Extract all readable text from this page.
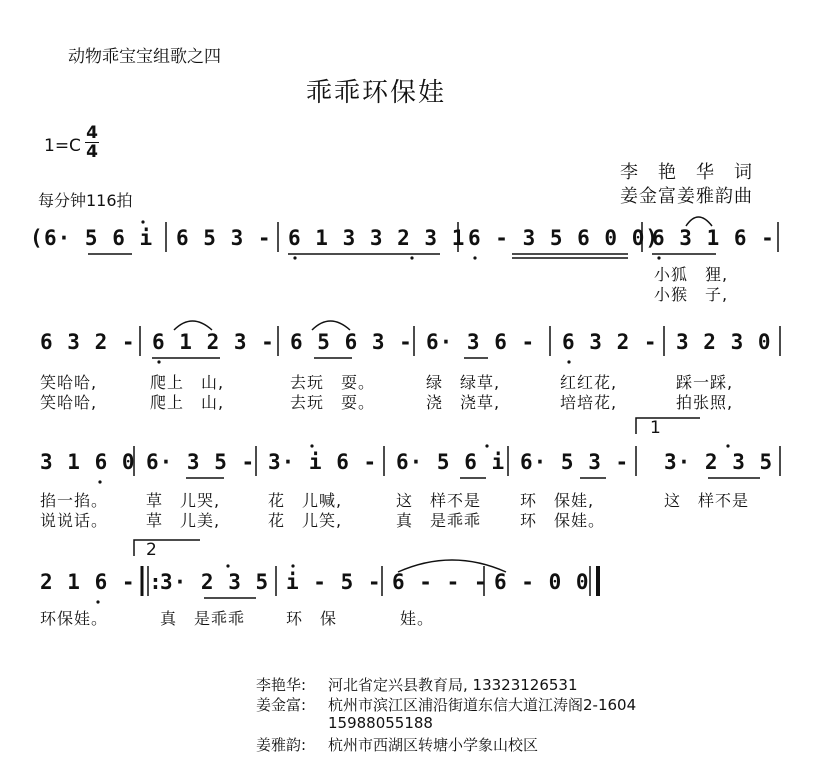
动物乖宝宝组歌之四
乖乖环保娃
1=C
4
4
每分钟116拍
李　艳　华　词
姜金富姜雅韵曲
( 6· 5 6 i 6 5 3 - 6 1 3 3 2 3 1 6 - 3 5 6 0 0)
6 3 1 6 -
小狐　狸,
小猴　子,
6 3 2 - 6 1 2 3 - 6 5 6 3 - 6· 3 6 - 6 3 2 - 3 2 3 0
笑哈哈,	爬上　山,	去玩　耍。	绿　绿草,	红红花,	踩一踩,
笑哈哈,	爬上　山,	去玩　耍。	浇　浇草,	培培花,	拍张照,
3 1 6 0 6· 3 5 - 3· i 6 - 6· 5 6 i 6· 5 3 - 3· 2 3 5
1
掐一掐。 草　儿哭,	花　儿喊,	这　样不是 环　保娃,	这　样不是
说说话。 草　儿美,	花　儿笑,	真　是乖乖 环　保娃。
2 1 6 - :
3· 2 3 5 i - 5 - 6 - - - 6 - 0 0
2
环保娃。	真　是乖乖	环　保	娃。
李艳华: 河北省定兴县教育局, 13323126531
姜金富: 杭州市滨江区浦沿街道东信大道江涛阁2-1604
15988055188
姜雅韵: 杭州市西湖区转塘小学象山校区
